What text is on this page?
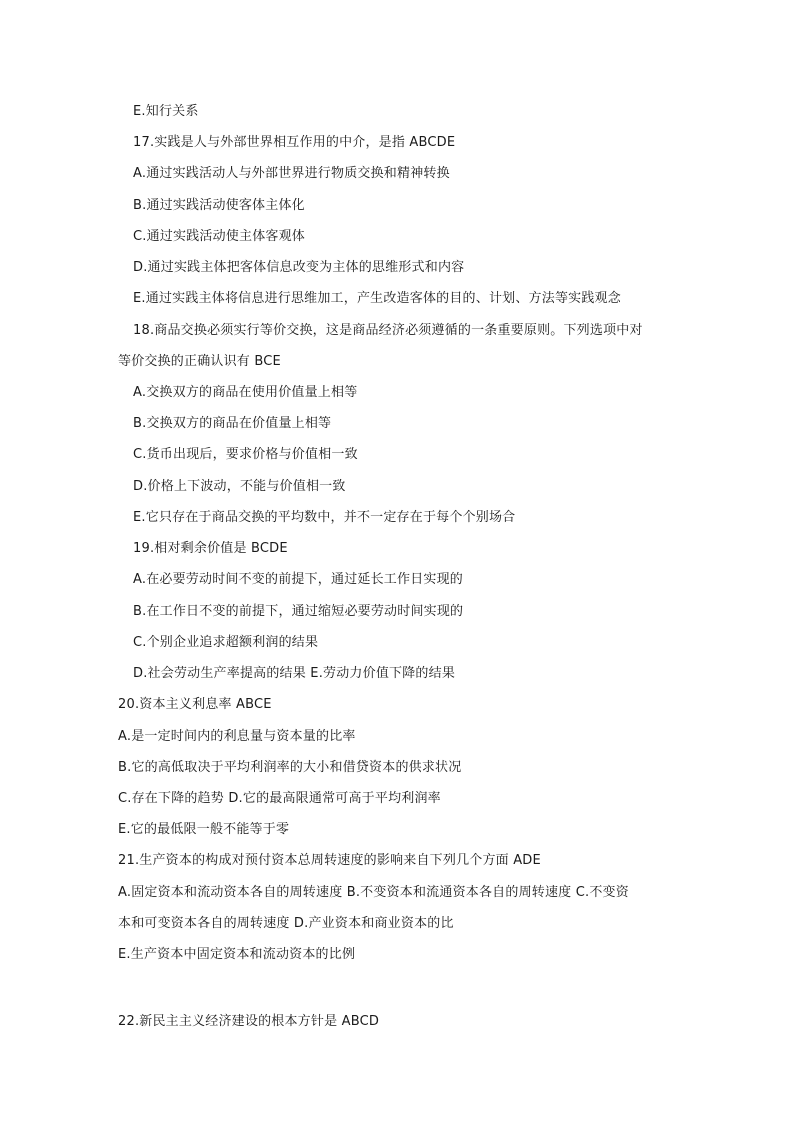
E.知行关系
17.实践是人与外部世界相互作用的中介，是指 ABCDE
A.通过实践活动人与外部世界进行物质交换和精神转换
B.通过实践活动使客体主体化
C.通过实践活动使主体客观体
D.通过实践主体把客体信息改变为主体的思维形式和内容
E.通过实践主体将信息进行思维加工，产生改造客体的目的、计划、方法等实践观念
18.商品交换必须实行等价交换，这是商品经济必须遵循的一条重要原则。下列选项中对
等价交换的正确认识有 BCE
A.交换双方的商品在使用价值量上相等
B.交换双方的商品在价值量上相等
C.货币出现后，要求价格与价值相一致
D.价格上下波动，不能与价值相一致
E.它只存在于商品交换的平均数中，并不一定存在于每个个别场合
19.相对剩余价值是 BCDE
A.在必要劳动时间不变的前提下，通过延长工作日实现的
B.在工作日不变的前提下，通过缩短必要劳动时间实现的
C.个别企业追求超额利润的结果
D.社会劳动生产率提高的结果 E.劳动力价值下降的结果
20.资本主义利息率 ABCE
A.是一定时间内的利息量与资本量的比率
B.它的高低取决于平均利润率的大小和借贷资本的供求状况
C.存在下降的趋势 D.它的最高限通常可高于平均利润率
E.它的最低限一般不能等于零
21.生产资本的构成对预付资本总周转速度的影响来自下列几个方面 ADE
A.固定资本和流动资本各自的周转速度 B.不变资本和流通资本各自的周转速度 C.不变资
本和可变资本各自的周转速度 D.产业资本和商业资本的比
E.生产资本中固定资本和流动资本的比例
22.新民主主义经济建设的根本方针是 ABCD
